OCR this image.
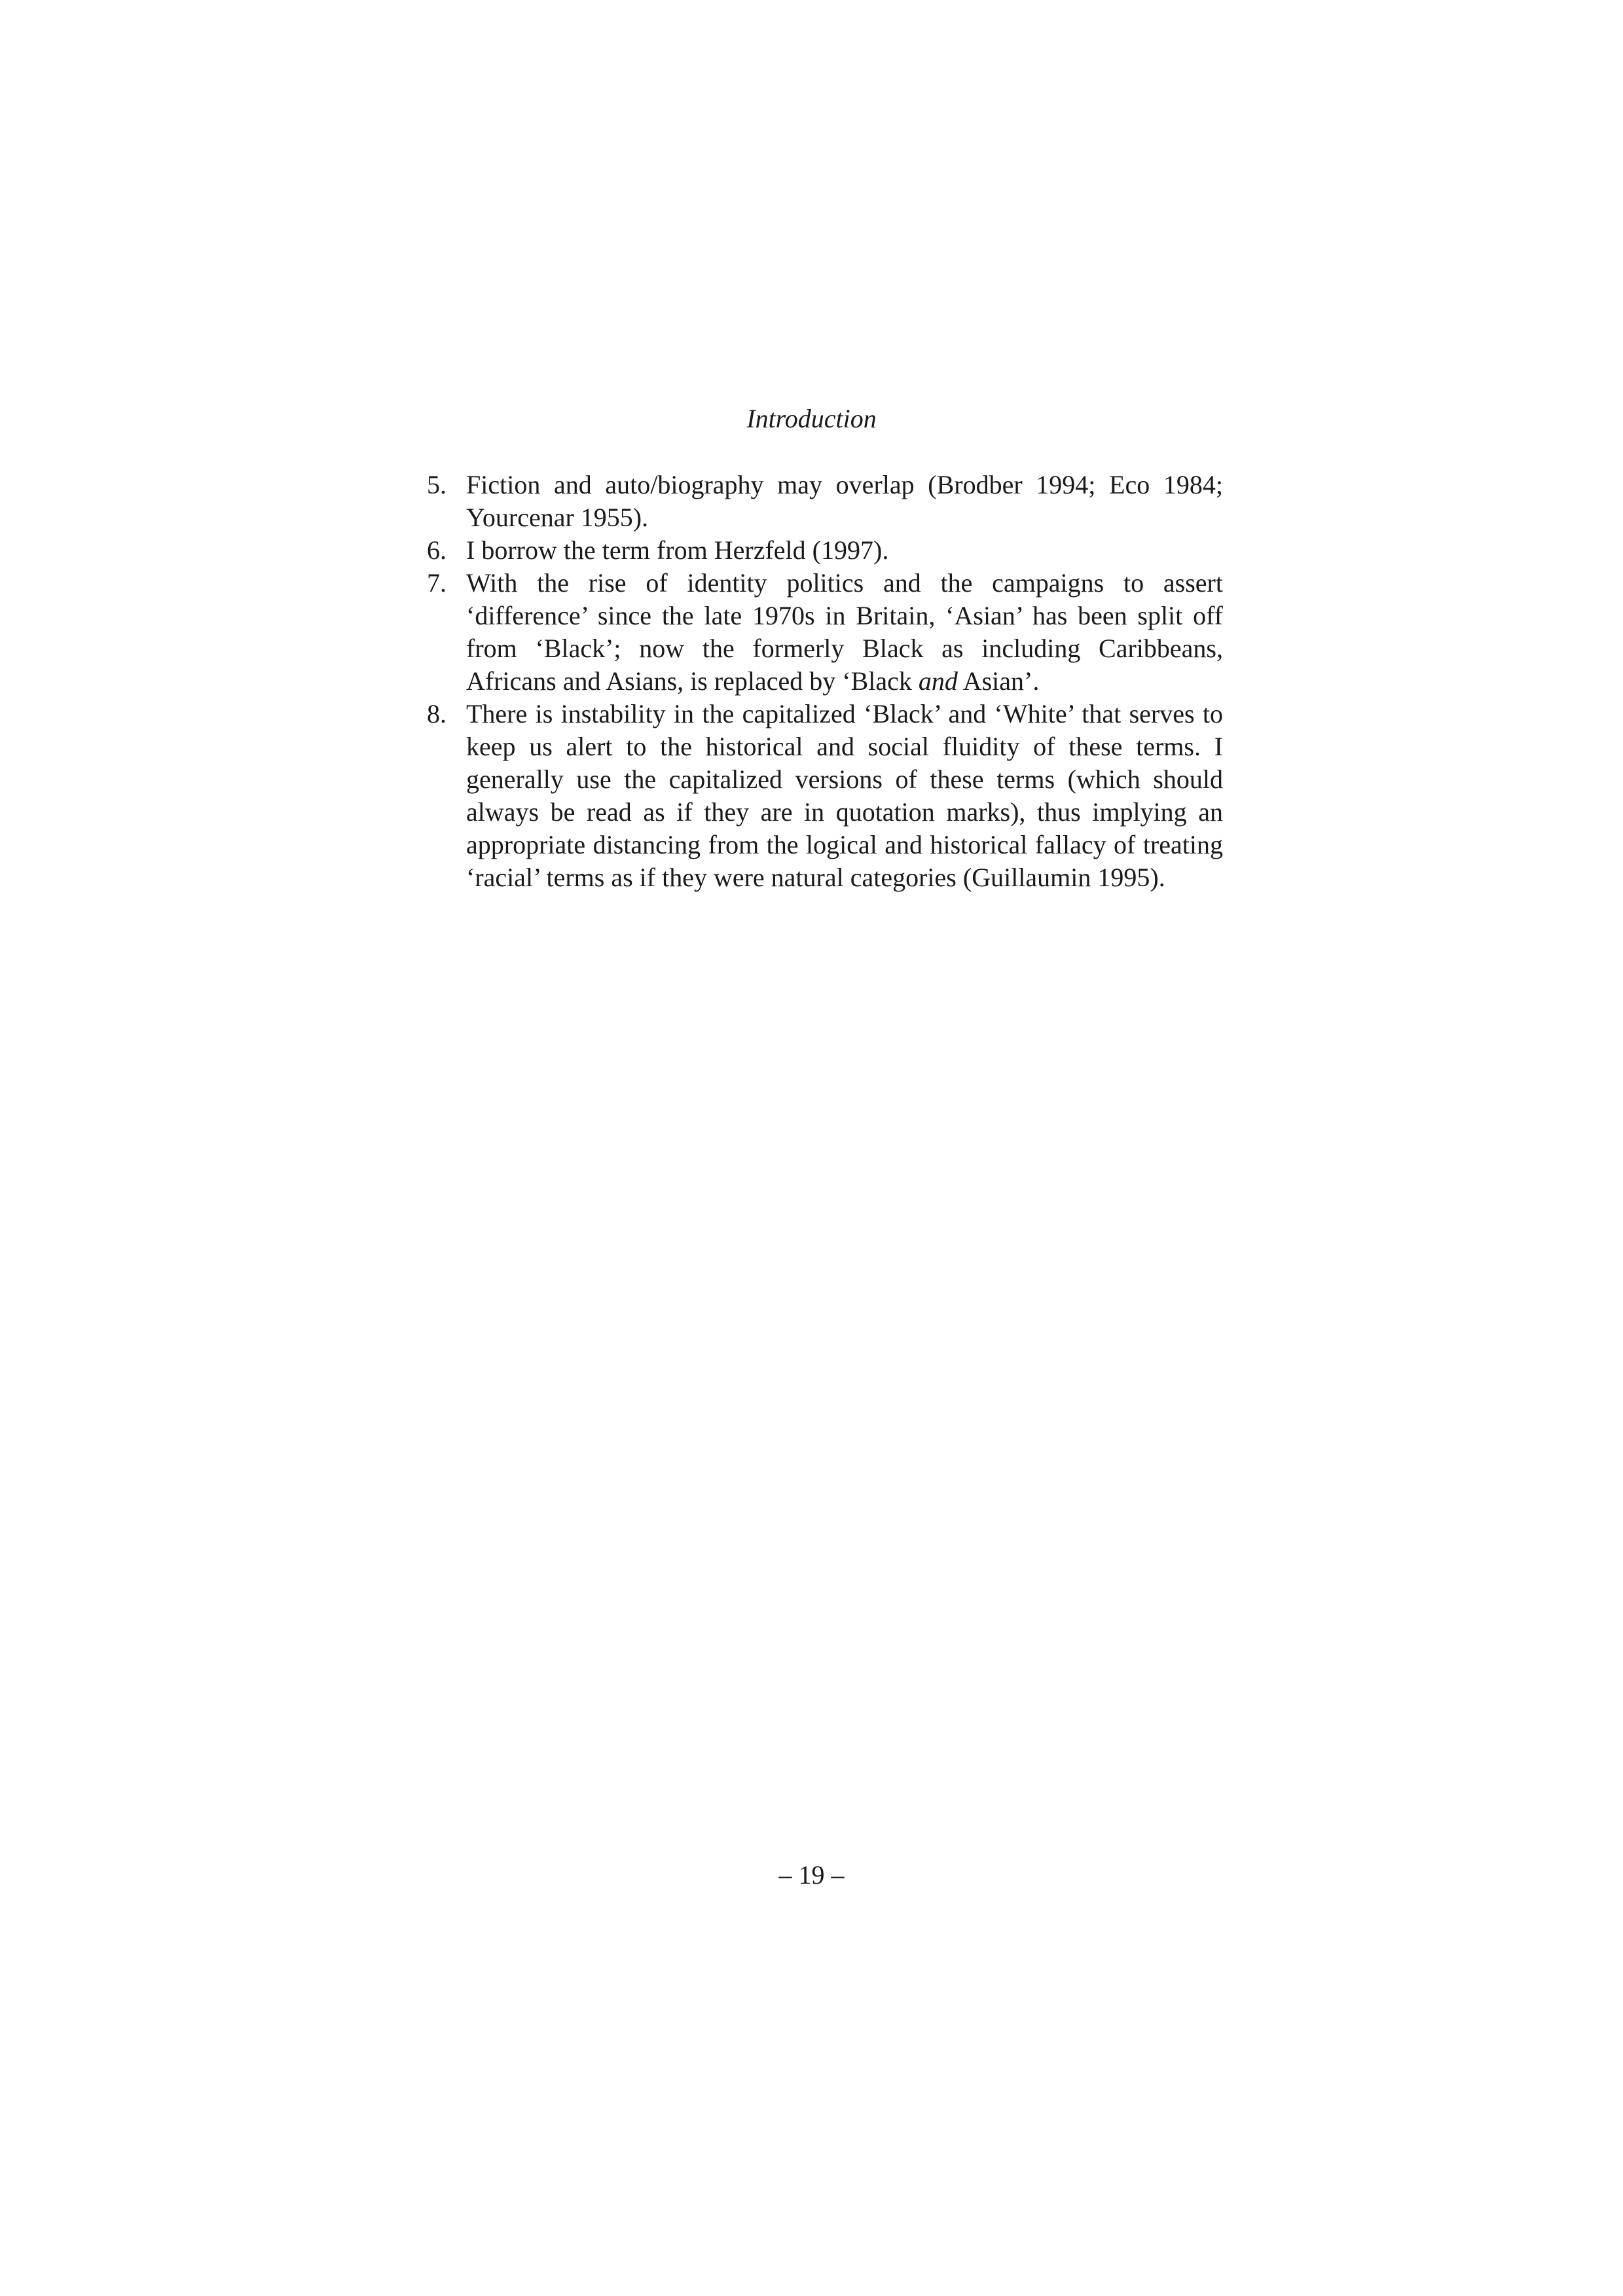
Introduction
5. Fiction and auto/biography may overlap (Brodber 1994; Eco 1984; Yourcenar 1955).
6. I borrow the term from Herzfeld (1997).
7. With the rise of identity politics and the campaigns to assert ‘difference’ since the late 1970s in Britain, ‘Asian’ has been split off from ‘Black’; now the formerly Black as including Caribbeans, Africans and Asians, is replaced by ‘Black and Asian’.
8. There is instability in the capitalized ‘Black’ and ‘White’ that serves to keep us alert to the historical and social fluidity of these terms. I generally use the capitalized versions of these terms (which should always be read as if they are in quotation marks), thus implying an appropriate distancing from the logical and historical fallacy of treating ‘racial’ terms as if they were natural categories (Guillaumin 1995).
– 19 –
